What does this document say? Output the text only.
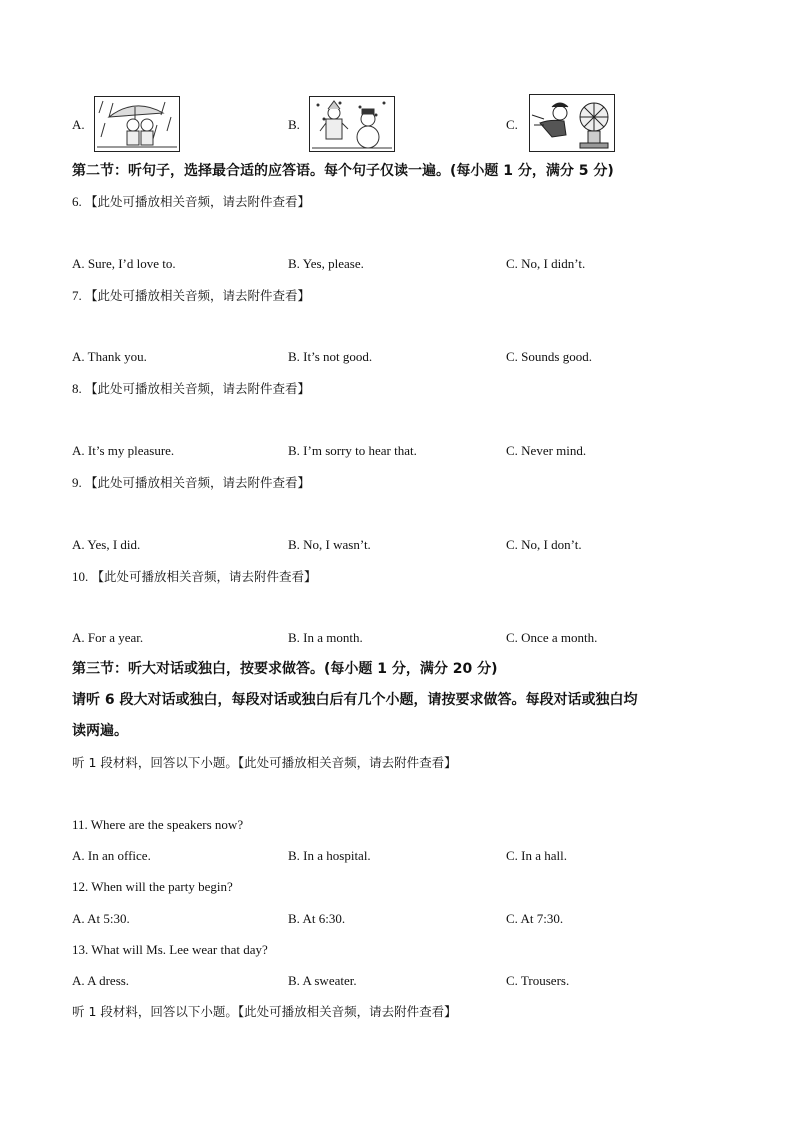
A.	B.	C.
第二节：听句子，选择最合适的应答语。每个句子仅读一遍。(每小题 1 分，满分 5 分)
6. 【此处可播放相关音频，请去附件查看】
A. Sure, I’d love to.	B. Yes, please.	C. No, I didn’t.
7. 【此处可播放相关音频，请去附件查看】
A. Thank you.	B. It’s not good.	C. Sounds good.
8. 【此处可播放相关音频，请去附件查看】
A. It’s my pleasure.	B. I’m sorry to hear that.	C. Never mind.
9. 【此处可播放相关音频，请去附件查看】
A. Yes, I did.	B. No, I wasn’t.	C. No, I don’t.
10. 【此处可播放相关音频，请去附件查看】
A. For a year.	B. In a month.	C. Once a month.
第三节：听大对话或独白，按要求做答。(每小题 1 分，满分 20 分)
请听 6 段大对话或独白，每段对话或独白后有几个小题，请按要求做答。每段对话或独白均
读两遍。
听 1 段材料，回答以下小题。【此处可播放相关音频，请去附件查看】
11. Where are the speakers now?
A. In an office.	B. In a hospital.	C. In a hall.
12. When will the party begin?
A. At 5:30.	B. At 6:30.	C. At 7:30.
13. What will Ms. Lee wear that day?
A. A dress.	B. A sweater.	C. Trousers.
听 1 段材料，回答以下小题。【此处可播放相关音频，请去附件查看】
